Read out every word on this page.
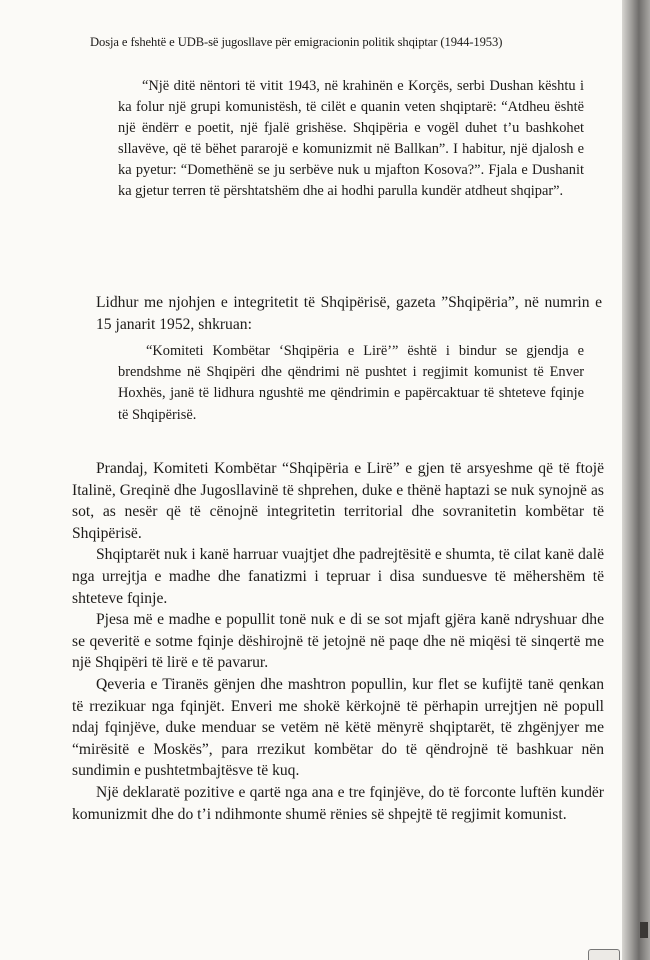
Dosja e fshehtë e UDB-së jugosllave për emigracionin politik shqiptar (1944-1953)
“Një ditë nëntori të vitit 1943, në krahinën e Korçës, serbi Dushan kështu i ka folur një grupi komunistësh, të cilët e quanin veten shqiptarë: “Atdheu është një ëndërr e poetit, një fjalë grishëse. Shqipëria e vogël duhet t’u bashkohet sllavëve, që të bëhet pararojë e komunizmit në Ballkan”. I habitur, një djalosh e ka pyetur: “Domethënë se ju serbëve nuk u mjafton Kosova?”. Fjala e Dushanit ka gjetur terren të përshtatshëm dhe ai hodhi parulla kundër atdheut shqipar”.
Lidhur me njohjen e integritetit të Shqipërisë, gazeta ”Shqipëria”, në numrin e 15 janarit 1952, shkruan:
“Komiteti Kombëtar ‘Shqipëria e Lirë’” është i bindur se gjendja e brendshme në Shqipëri dhe qëndrimi në pushtet i regjimit komunist të Enver Hoxhës, janë të lidhura ngushtë me qëndrimin e papërcaktuar të shteteve fqinje të Shqipërisë.

Prandaj, Komiteti Kombëtar “Shqipëria e Lirë” e gjen të arsyeshme që të ftojë Italinë, Greqinë dhe Jugosllavinë të shprehen, duke e thënë haptazi se nuk synojnë as sot, as nesër që të cënojnë integritetin territorial dhe sovranitetin kombëtar të Shqipërisë.

Shqiptarët nuk i kanë harruar vuajtjet dhe padrejtësitë e shumta, të cilat kanë dalë nga urrejtja e madhe dhe fanatizmi i tepruar i disa sunduesve të mëhershëm të shteteve fqinje.

Pjesa më e madhe e popullit tonë nuk e di se sot mjaft gjëra kanë ndryshuar dhe se qeveritë e sotme fqinje dëshirojnë të jetojnë në paqe dhe në miqësi të sinqertë me një Shqipëri të lirë e të pavarur.

Qeveria e Tiranës gënjen dhe mashtron popullin, kur flet se kufijtë tanë qenkan të rrezikuar nga fqinjët. Enveri me shokë kërkojnë të përhapin urrejtjen në popull ndaj fqinjëve, duke menduar se vetëm në këtë mënyrë shqiptarët, të zhgënjyer me “mirësitë e Moskës”, para rrezikut kombëtar do të qëndrojnë të bashkuar nën sundimin e pushtetmbajtësve të kuq.

Një deklaratë pozitive e qartë nga ana e tre fqinjëve, do të forconte luftën kundër komunizmit dhe do t’i ndihmonte shumë rënies së shpejtë të regjimit komunist.
